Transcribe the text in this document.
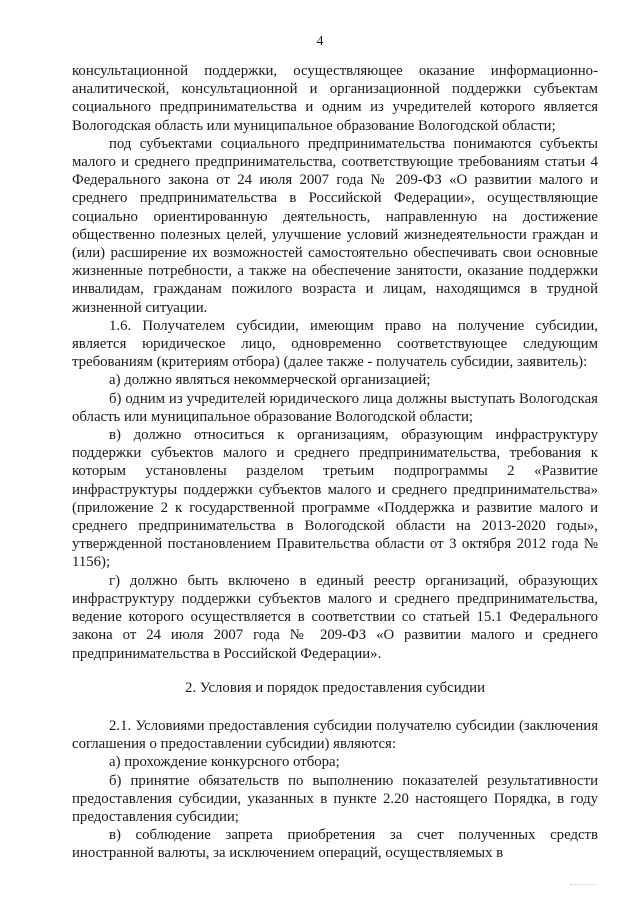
4

консультационной поддержки, осуществляющее оказание информационно-аналитической, консультационной и организационной поддержки субъектам социального предпринимательства и одним из учредителей которого является Вологодская область или муниципальное образование Вологодской области;

под субъектами социального предпринимательства понимаются субъекты малого и среднего предпринимательства, соответствующие требованиям статьи 4 Федерального закона от 24 июля 2007 года № 209-ФЗ «О развитии малого и среднего предпринимательства в Российской Федерации», осуществляющие социально ориентированную деятельность, направленную на достижение общественно полезных целей, улучшение условий жизнедеятельности граждан и (или) расширение их возможностей самостоятельно обеспечивать свои основные жизненные потребности, а также на обеспечение занятости, оказание поддержки инвалидам, гражданам пожилого возраста и лицам, находящимся в трудной жизненной ситуации.

1.6. Получателем субсидии, имеющим право на получение субсидии, является юридическое лицо, одновременно соответствующее следующим требованиям (критериям отбора) (далее также - получатель субсидии, заявитель):

а) должно являться некоммерческой организацией;

б) одним из учредителей юридического лица должны выступать Вологодская область или муниципальное образование Вологодской области;

в) должно относиться к организациям, образующим инфраструктуру поддержки субъектов малого и среднего предпринимательства, требования к которым установлены разделом третьим подпрограммы 2 «Развитие инфраструктуры поддержки субъектов малого и среднего предпринимательства» (приложение 2 к государственной программе «Поддержка и развитие малого и среднего предпринимательства в Вологодской области на 2013-2020 годы», утвержденной постановлением Правительства области от 3 октября 2012 года № 1156);

г) должно быть включено в единый реестр организаций, образующих инфраструктуру поддержки субъектов малого и среднего предпринимательства, ведение которого осуществляется в соответствии со статьей 15.1 Федерального закона от 24 июля 2007 года № 209-ФЗ «О развитии малого и среднего предпринимательства в Российской Федерации».

2. Условия и порядок предоставления субсидии

2.1. Условиями предоставления субсидии получателю субсидии (заключения соглашения о предоставлении субсидии) являются:

а) прохождение конкурсного отбора;

б) принятие обязательств по выполнению показателей результативности предоставления субсидии, указанных в пункте 2.20 настоящего Порядка, в году предоставления субсидии;

в) соблюдение запрета приобретения за счет полученных средств иностранной валюты, за исключением операций, осуществляемых в
